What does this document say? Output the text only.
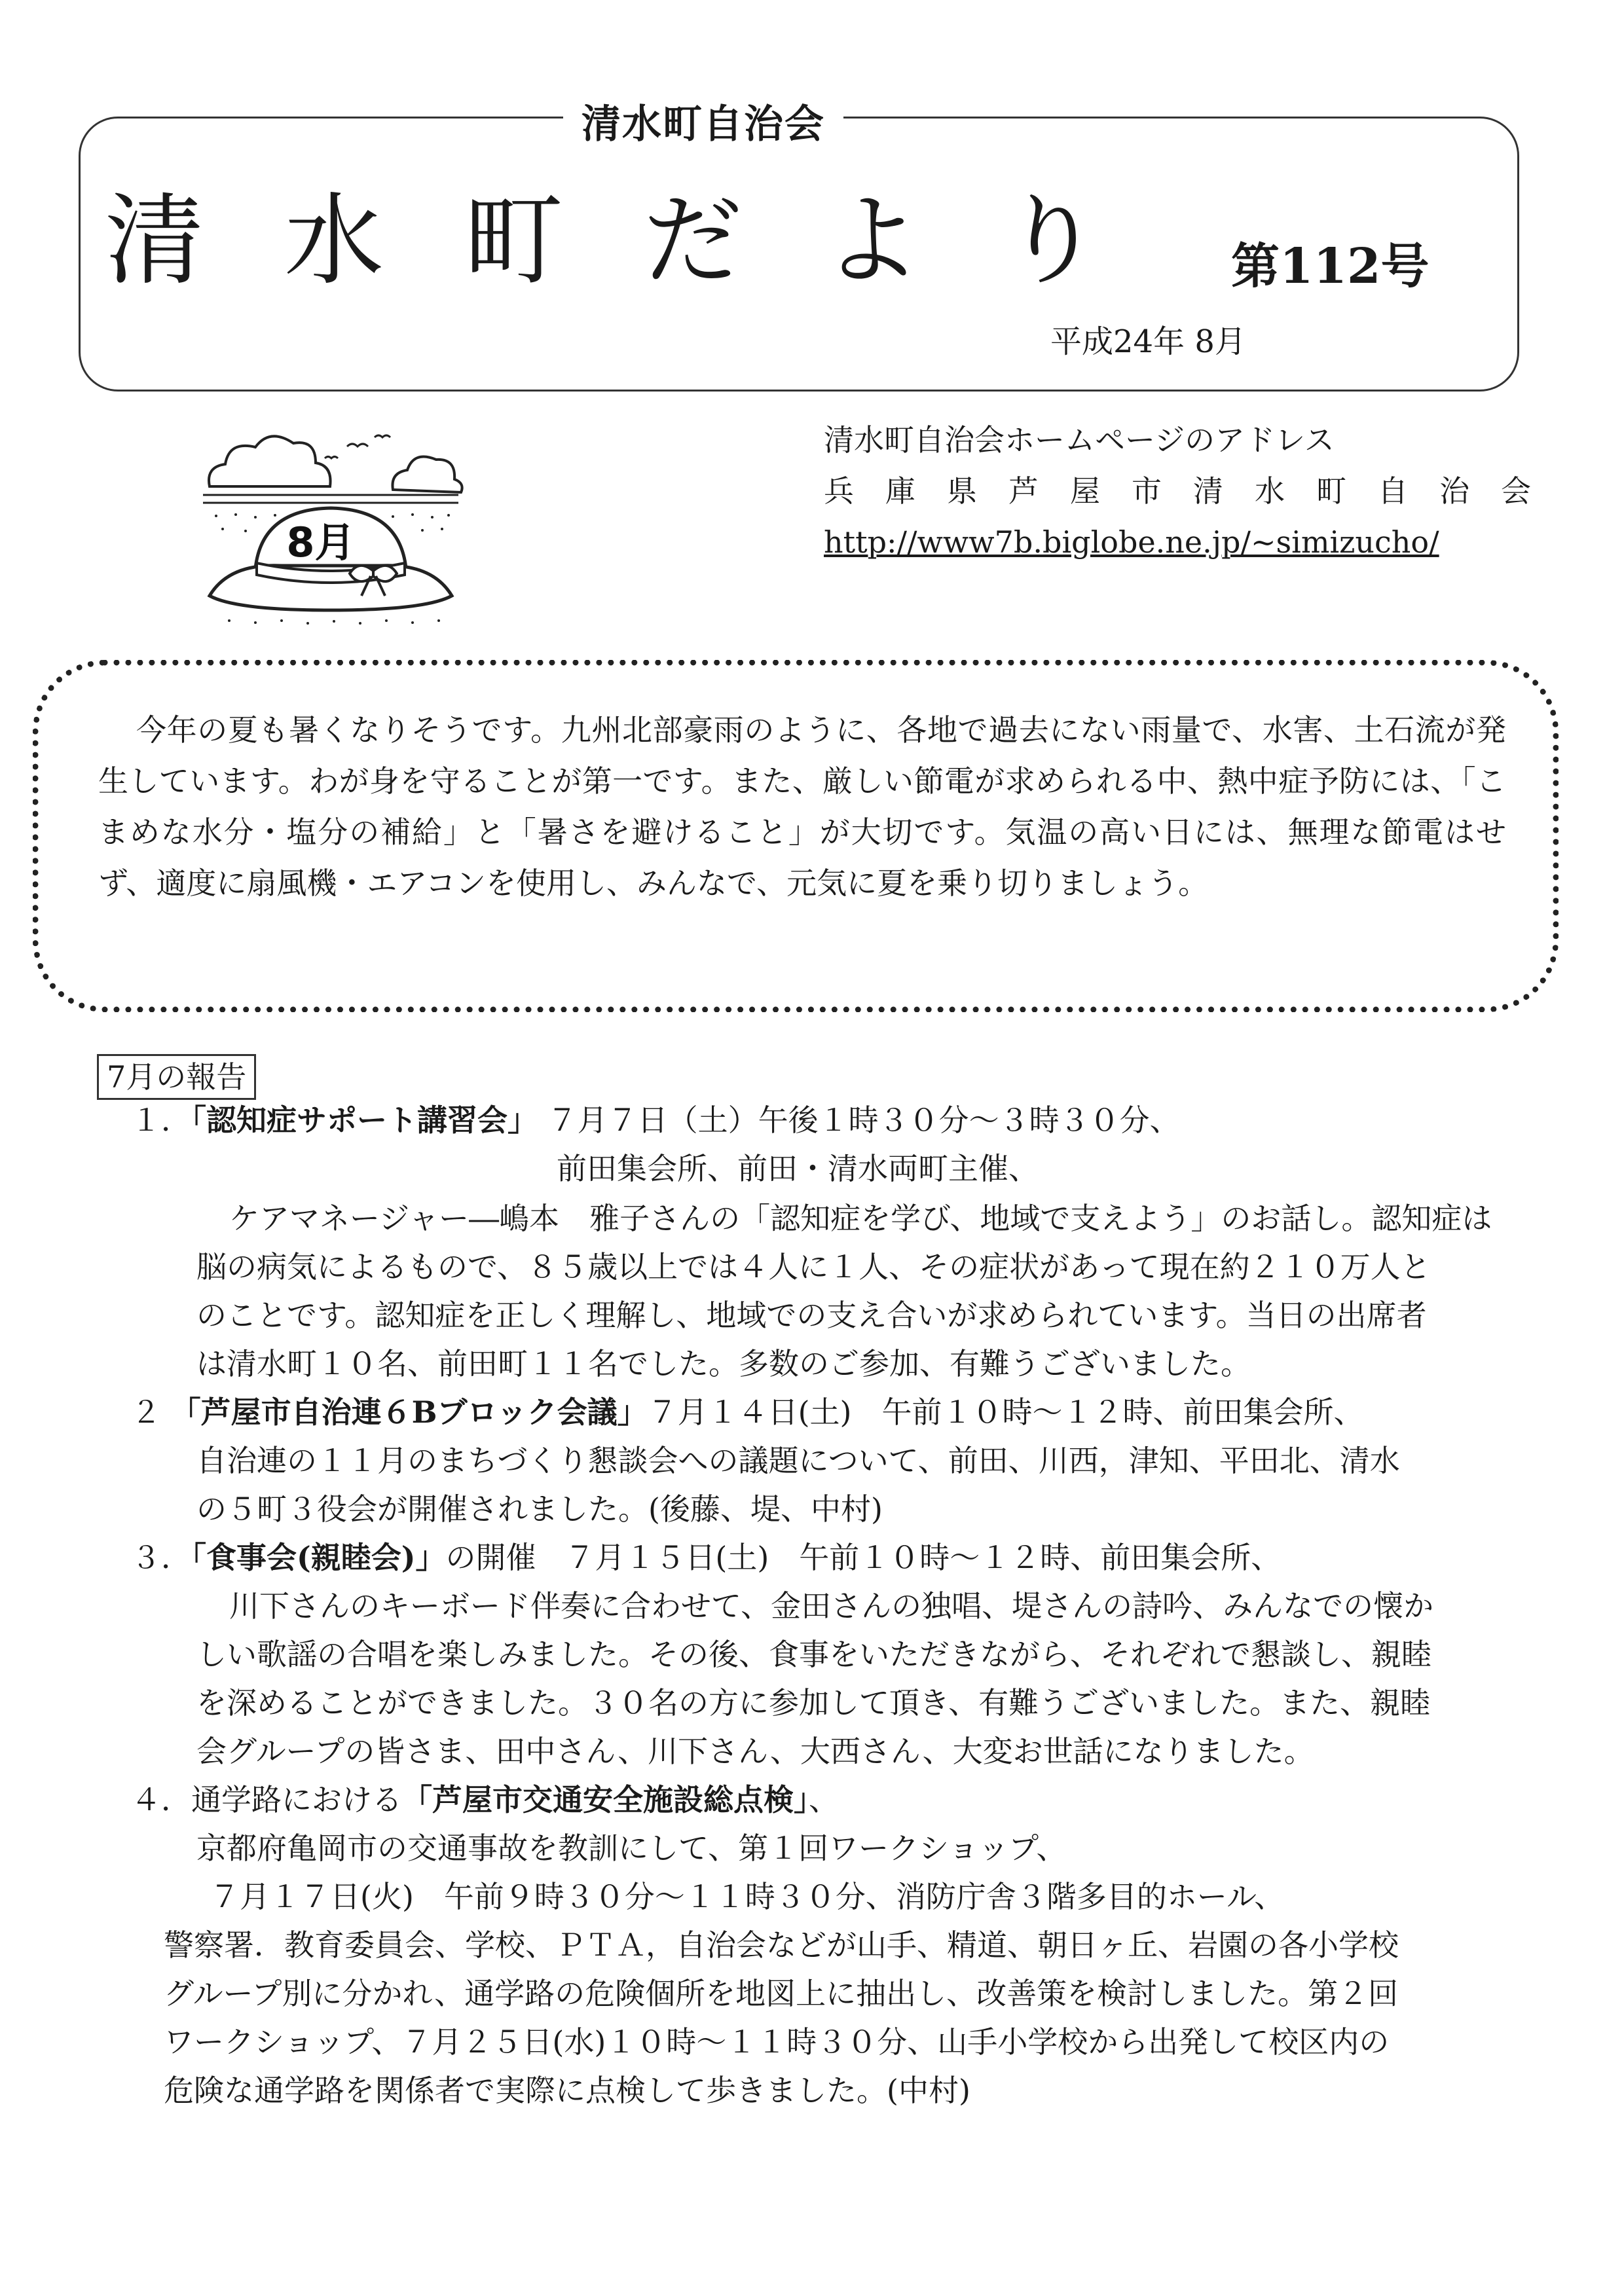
清水町自治会
清水町だより 第112号
平成24年 8月
清水町自治会ホームページのアドレス
兵庫県芦屋市清水町自治会
http://www7b.biglobe.ne.jp/~simizucho/
8月
今年の夏も暑くなりそうです。九州北部豪雨のように、各地で過去にない雨量で、水害、土石流が発生しています。わが身を守ることが第一です。また、厳しい節電が求められる中、熱中症予防には、「こまめな水分・塩分の補給」と「暑さを避けること」が大切です。気温の高い日には、無理な節電はせず、適度に扇風機・エアコンを使用し、みんなで、元気に夏を乗り切りましょう。
7月の報告
１．「認知症サポート講習会」 ７月７日（土）午後１時３０分～３時３０分、
前田集会所、前田・清水両町主催、
ケアマネージャー―嶋本　雅子さんの「認知症を学び、地域で支えよう」のお話し。認知症は
脳の病気によるもので、８５歳以上では４人に１人、その症状があって現在約２１０万人と
のことです。認知症を正しく理解し、地域での支え合いが求められています。当日の出席者
は清水町１０名、前田町１１名でした。多数のご参加、有難うございました。
２ 「芦屋市自治連６Bブロック会議」７月１４日(土)　午前１０時～１２時、前田集会所、
自治連の１１月のまちづくり懇談会への議題について、前田、川西，津知、平田北、清水
の５町３役会が開催されました。(後藤、堤、中村)
３．「食事会(親睦会)」の開催 ７月１５日(土)　午前１０時～１２時、前田集会所、
川下さんのキーボード伴奏に合わせて、金田さんの独唱、堤さんの詩吟、みんなでの懐か
しい歌謡の合唱を楽しみました。その後、食事をいただきながら、それぞれで懇談し、親睦
を深めることができました。３０名の方に参加して頂き、有難うございました。また、親睦
会グループの皆さま、田中さん、川下さん、大西さん、大変お世話になりました。
４．通学路における「芦屋市交通安全施設総点検」、
京都府亀岡市の交通事故を教訓にして、第１回ワークショップ、
７月１７日(火)　午前９時３０分～１１時３０分、消防庁舎３階多目的ホール、
警察署．教育委員会、学校、ＰＴＡ，自治会などが山手、精道、朝日ヶ丘、岩園の各小学校
グループ別に分かれ、通学路の危険個所を地図上に抽出し、改善策を検討しました。第２回
ワークショップ、７月２５日(水)１０時～１１時３０分、山手小学校から出発して校区内の
危険な通学路を関係者で実際に点検して歩きました。(中村)
